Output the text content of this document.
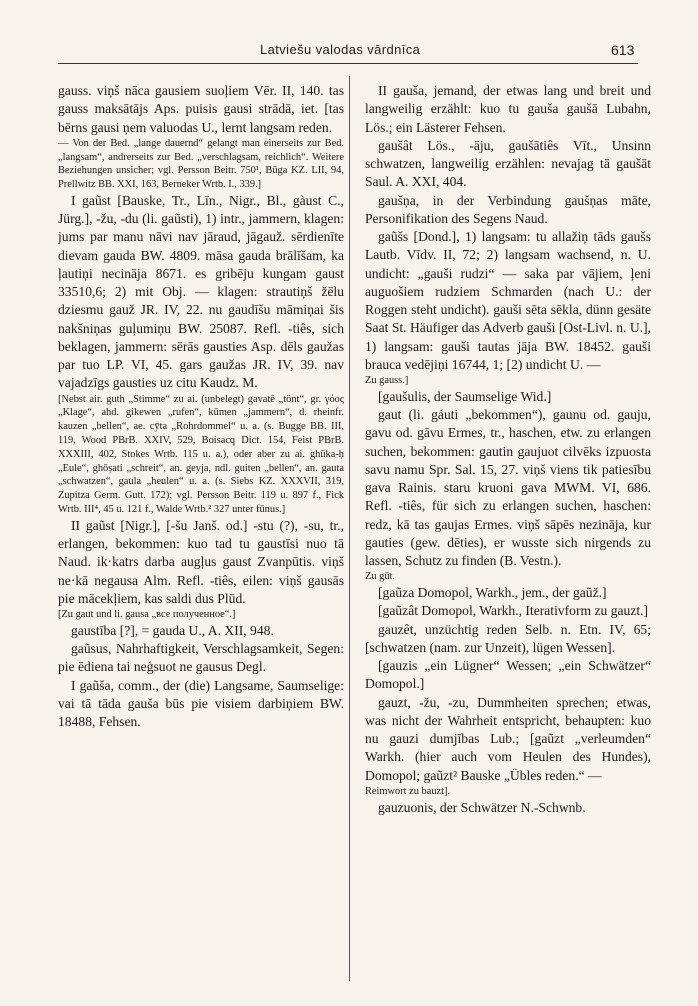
Latviešu valodas vārdnīca	613

gauss. viņš nāca gausiem suoļiem Vēr. II, 140. tas gauss maksātājs Aps. puisis gausi strādā, iet. [tas bērns gausi ņem valuodas U., lernt langsam reden.

— Von der Bed. „lange dauernd“ gelangt man einerseits zur Bed. „langsam“, andrerseits zur Bed. „verschlagsam, reichlich“. Weitere Beziehungen unsicher; vgl. Persson Beitr. 750¹, Būga KZ. LII, 94, Prellwitz BB. XXI, 163, Berneker Wrtb. I., 339.]

I gaũst [Bauske, Tr., Līn., Nigr., Bl., gàust C., Jürg.], -žu, -du (li. gaũsti), 1) intr., jammern, klagen: jums par manu nāvi nav jāraud, jāgauž. sērdienīte dievam gauda BW. 4809. māsa gauda brālīšam, ka ļautiņi necināja 8671. es gribēju kungam gaust 33510,6; 2) mit Obj. — klagen: strautiņš žēlu dziesmu gauž JR. IV, 22. nu gaudīšu māmiņai šis nakšniņas guļumiņu BW. 25087. Refl. -tiês, sich beklagen, jammern: sērās gausties Asp. dēls gaužas par tuo LP. VI, 45. gars gaužas JR. IV, 39. nav vajadzīgs gausties uz citu Kaudz. M.

[Nebst air. guth „Stimme“ zu ai. (unbelegt) gavatē „tönt“, gr. γόος „Klage“, ahd. gikewen „rufen“, kūmen „jammern“, d. rheinfr. kauzen „bellen“, ae. cȳta „Rohrdommel“ u. a. (s. Bugge BB. III, 119, Wood PBrB. XXIV, 529, Boisacq Dict. 154, Feist PBrB. XXXIII, 402, Stokes Wrtb. 115 u. a.), oder aber zu ai. ghūka-ḥ „Eule“, ghōṣati „schreit“, an. geyja, ndl. guiten „bellen“, an. gauta „schwatzen“, gaula „heulen“ u. a. (s. Siebs KZ. XXXVII, 319, Zupitza Germ. Gutt. 172); vgl. Persson Beitr. 119 u. 897 f., Fick Wrtb. III⁴, 45 u. 121 f., Walde Wrtb.² 327 unter fūnus.]

II gaũst [Nigr.], [-šu Janš. od.] -stu (?), -su, tr., erlangen, bekommen: kuo tad tu gaustīsi nuo tā Naud. ik·katrs darba augļus gaust Zvanpūtis. viņš ne·kā negausa Alm. Refl. -tiês, eilen: viņš gausās pie mācekļiem, kas saldi dus Plūd.

[Zu gaut und li. gausa „все полученное“.]

gaustība [?], = gauda U., A. XII, 948.

gaũsus, Nahrhaftigkeit, Verschlagsamkeit, Segen: pie ēdiena tai neģsuot ne gausus Degl.

I gaũša, comm., der (die) Langsame, Saumselige: vai tā tāda gauša būs pie visiem darbiņiem BW. 18488, Fehsen.

II gauša, jemand, der etwas lang und breit und langweilig erzählt: kuo tu gauša gaušā Lubahn, Lös.; ein Lästerer Fehsen.

gaušât Lös., -āju, gaušātiês Vīt., Unsinn schwatzen, langweilig erzählen: nevajag tā gaušāt Saul. A. XXI, 404.

gaušņa, in der Verbindung gaušņas māte, Personifikation des Segens Naud.

gaũšs [Dond.], 1) langsam: tu allažiņ tāds gaušs Lautb. Vīdv. II, 72; 2) langsam wachsend, n. U. undicht: „gauši rudzi“ — saka par vājiem, ļeni auguošiem rudziem Schmarden (nach U.: der Roggen steht undicht). gauši sēta sēkla, dünn gesäte Saat St. Häufiger das Adverb gauši [Ost-Livl. n. U.], 1) langsam: gauši tautas jāja BW. 18452. gauši brauca vedējiņi 16744, 1; [2) undicht U. —

Zu gauss.]

[gaušulis, der Saumselige Wid.]

gaut (li. gáuti „bekommen“), gaunu od. gauju, gavu od. gāvu Ermes, tr., haschen, etw. zu erlangen suchen, bekommen: gautin gaujuot cilvēks izpuosta savu namu Spr. Sal. 15, 27. viņš viens tik patiesību gava Rainis. staru kruoni gava MWM. VI, 686. Refl. -tiês, für sich zu erlangen suchen, haschen: redz, kā tas gaujas Ermes. viņš sāpēs nezināja, kur gauties (gew. dēties), er wusste sich nirgends zu lassen, Schutz zu finden (B. Vestn.).

Zu gūt.

[gaũza Domopol, Warkh., jem., der gaũž.]

[gaũzât Domopol, Warkh., Iterativform zu gauzt.]

gauzêt, unzüchtig reden Selb. n. Etn. IV, 65; [schwatzen (nam. zur Unzeit), lügen Wessen].

[gauzis „ein Lügner“ Wessen; „ein Schwätzer“ Domopol.]

gauzt, -žu, -zu, Dummheiten sprechen; etwas, was nicht der Wahrheit entspricht, behaupten: kuo nu gauzi dumjības Lub.; [gaũzt „verleumden“ Warkh. (hier auch vom Heulen des Hundes), Domopol; gaũzt² Bauske „Übles reden.“ —

Reimwort zu bauzt].

gauzuonis, der Schwätzer N.-Schwnb.
